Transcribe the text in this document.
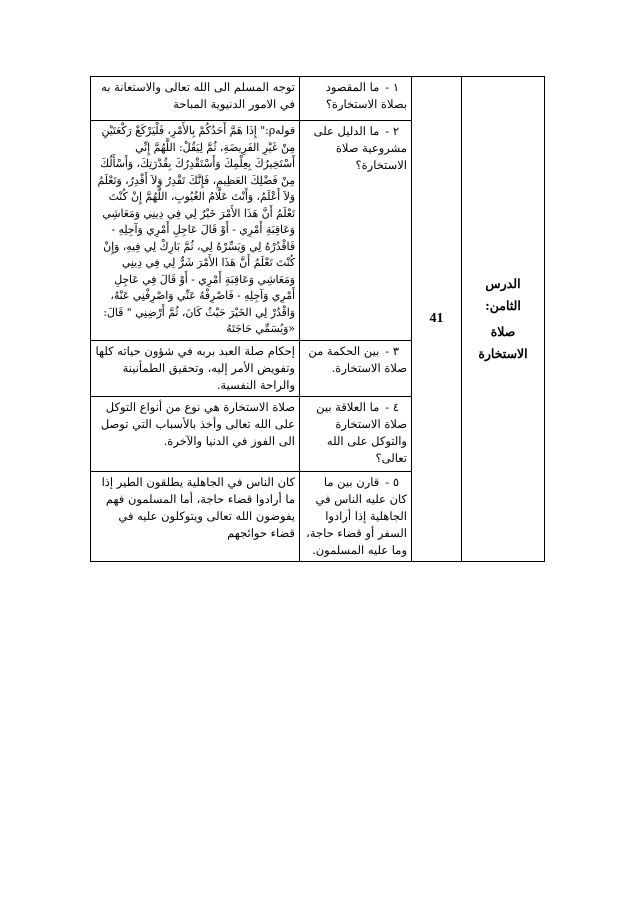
الدرس الثامن:
صلاة الاستخارة	41	١ -ما المقصود بصلاة الاستخارة؟	توجه المسلم الى الله تعالى والاستعانة به في الامور الدنيوية المباحة
		٢ -ما الدليل على مشروعية صلاة الاستخارة؟	قولهρ:" إِذَا هَمَّ أَحَدُكُمْ بِالأَمْرِ، فَلْيَرْكَعْ رَكْعَتَيْنِ مِنْ غَيْرِ الفَرِيضَةِ، ثُمَّ لِيَقُلْ: اللَّهُمَّ إِنِّي أَسْتَخِيرُكَ بِعِلْمِكَ وَأَسْتَقْدِرُكَ بِقُدْرَتِكَ، وَأَسْأَلُكَ مِنْ فَضْلِكَ العَظِيمِ، فَإِنَّكَ تَقْدِرُ وَلاَ أَقْدِرُ، وَتَعْلَمُ وَلاَ أَعْلَمُ، وَأَنْتَ عَلَّامُ الغُيُوبِ، اللَّهُمَّ إِنْ كُنْتَ تَعْلَمُ أَنَّ هَذَا الأَمْرَ خَيْرٌ لِي فِي دِينِي وَمَعَاشِي وَعَاقِبَةِ أَمْرِي - أَوْ قَالَ عَاجِلِ أَمْرِي وَآجِلِهِ - فَاقْدُرْهُ لِي وَيَسِّرْهُ لِي، ثُمَّ بَارِكْ لِي فِيهِ، وَإِنْ كُنْتَ تَعْلَمُ أَنَّ هَذَا الأَمْرَ شَرٌّ لِي فِي دِينِي وَمَعَاشِي وَعَاقِبَةِ أَمْرِي - أَوْ قَالَ فِي عَاجِلِ أَمْرِي وَآجِلِهِ - فَاصْرِفْهُ عَنِّي وَاصْرِفْنِي عَنْهُ، وَاقْدُرْ لِي الخَيْرَ حَيْثُ كَانَ، ثُمَّ أَرْضِنِي " قَالَ: «وَيُسَمِّي حَاجَتَهُ
		٣ -بين الحكمة من صلاة الاستخارة.	إحكام صلة العبد بربه في شؤون حياته كلها وتفويض الأمر إليه، وتحقيق الطمأنينة والراحة النفسية.
		٤ -ما العلاقة بين صلاة الاستخارة والتوكل على الله تعالى؟	صلاة الاستخارة هي نوع من أنواع التوكل على الله تعالى وأخذ بالأسباب التي توصل الى الفوز في الدنيا والآخرة.
		٥ -قارن بين ما كان عليه الناس في الجاهلية إذا أرادوا السفر أو قضاء حاجة، وما عليه المسلمون.	كان الناس في الجاهلية يطلقون الطير إذا ما أرادوا قضاء حاجة، أما المسلمون فهم يفوضون الله تعالى ويتوكلون عليه في قضاء حوائجهم
